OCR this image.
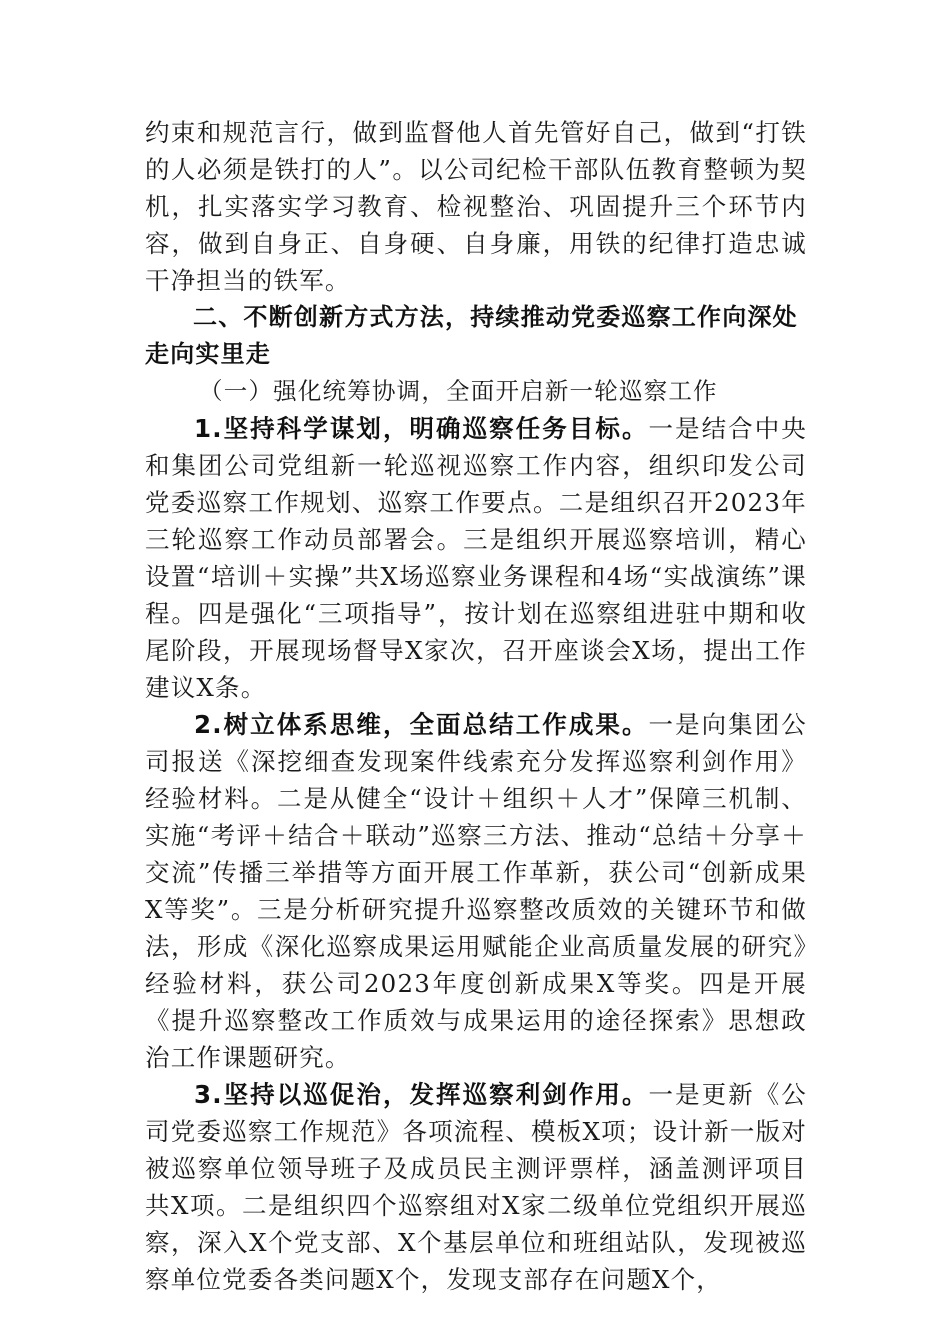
约束和规范言行，做到监督他人首先管好自己，做到“打铁的人必须是铁打的人”。以公司纪检干部队伍教育整顿为契机，扎实落实学习教育、检视整治、巩固提升三个环节内容，做到自身正、自身硬、自身廉，用铁的纪律打造忠诚干净担当的铁军。

二、不断创新方式方法，持续推动党委巡察工作向深处走向实里走

（一）强化统筹协调，全面开启新一轮巡察工作

1.坚持科学谋划，明确巡察任务目标。一是结合中央和集团公司党组新一轮巡视巡察工作内容，组织印发公司党委巡察工作规划、巡察工作要点。二是组织召开2023年三轮巡察工作动员部署会。三是组织开展巡察培训，精心设置“培训＋实操”共X场巡察业务课程和4场“实战演练”课程。四是强化“三项指导”，按计划在巡察组进驻中期和收尾阶段，开展现场督导X家次，召开座谈会X场，提出工作建议X条。

2.树立体系思维，全面总结工作成果。一是向集团公司报送《深挖细查发现案件线索充分发挥巡察利剑作用》经验材料。二是从健全“设计＋组织＋人才”保障三机制、实施“考评＋结合＋联动”巡察三方法、推动“总结＋分享＋交流”传播三举措等方面开展工作革新，获公司“创新成果X等奖”。三是分析研究提升巡察整改质效的关键环节和做法，形成《深化巡察成果运用赋能企业高质量发展的研究》经验材料，获公司2023年度创新成果X等奖。四是开展《提升巡察整改工作质效与成果运用的途径探索》思想政治工作课题研究。

3.坚持以巡促治，发挥巡察利剑作用。一是更新《公司党委巡察工作规范》各项流程、模板X项；设计新一版对被巡察单位领导班子及成员民主测评票样，涵盖测评项目共X项。二是组织四个巡察组对X家二级单位党组织开展巡察，深入X个党支部、X个基层单位和班组站队，发现被巡察单位党委各类问题X个，发现支部存在问题X个，
